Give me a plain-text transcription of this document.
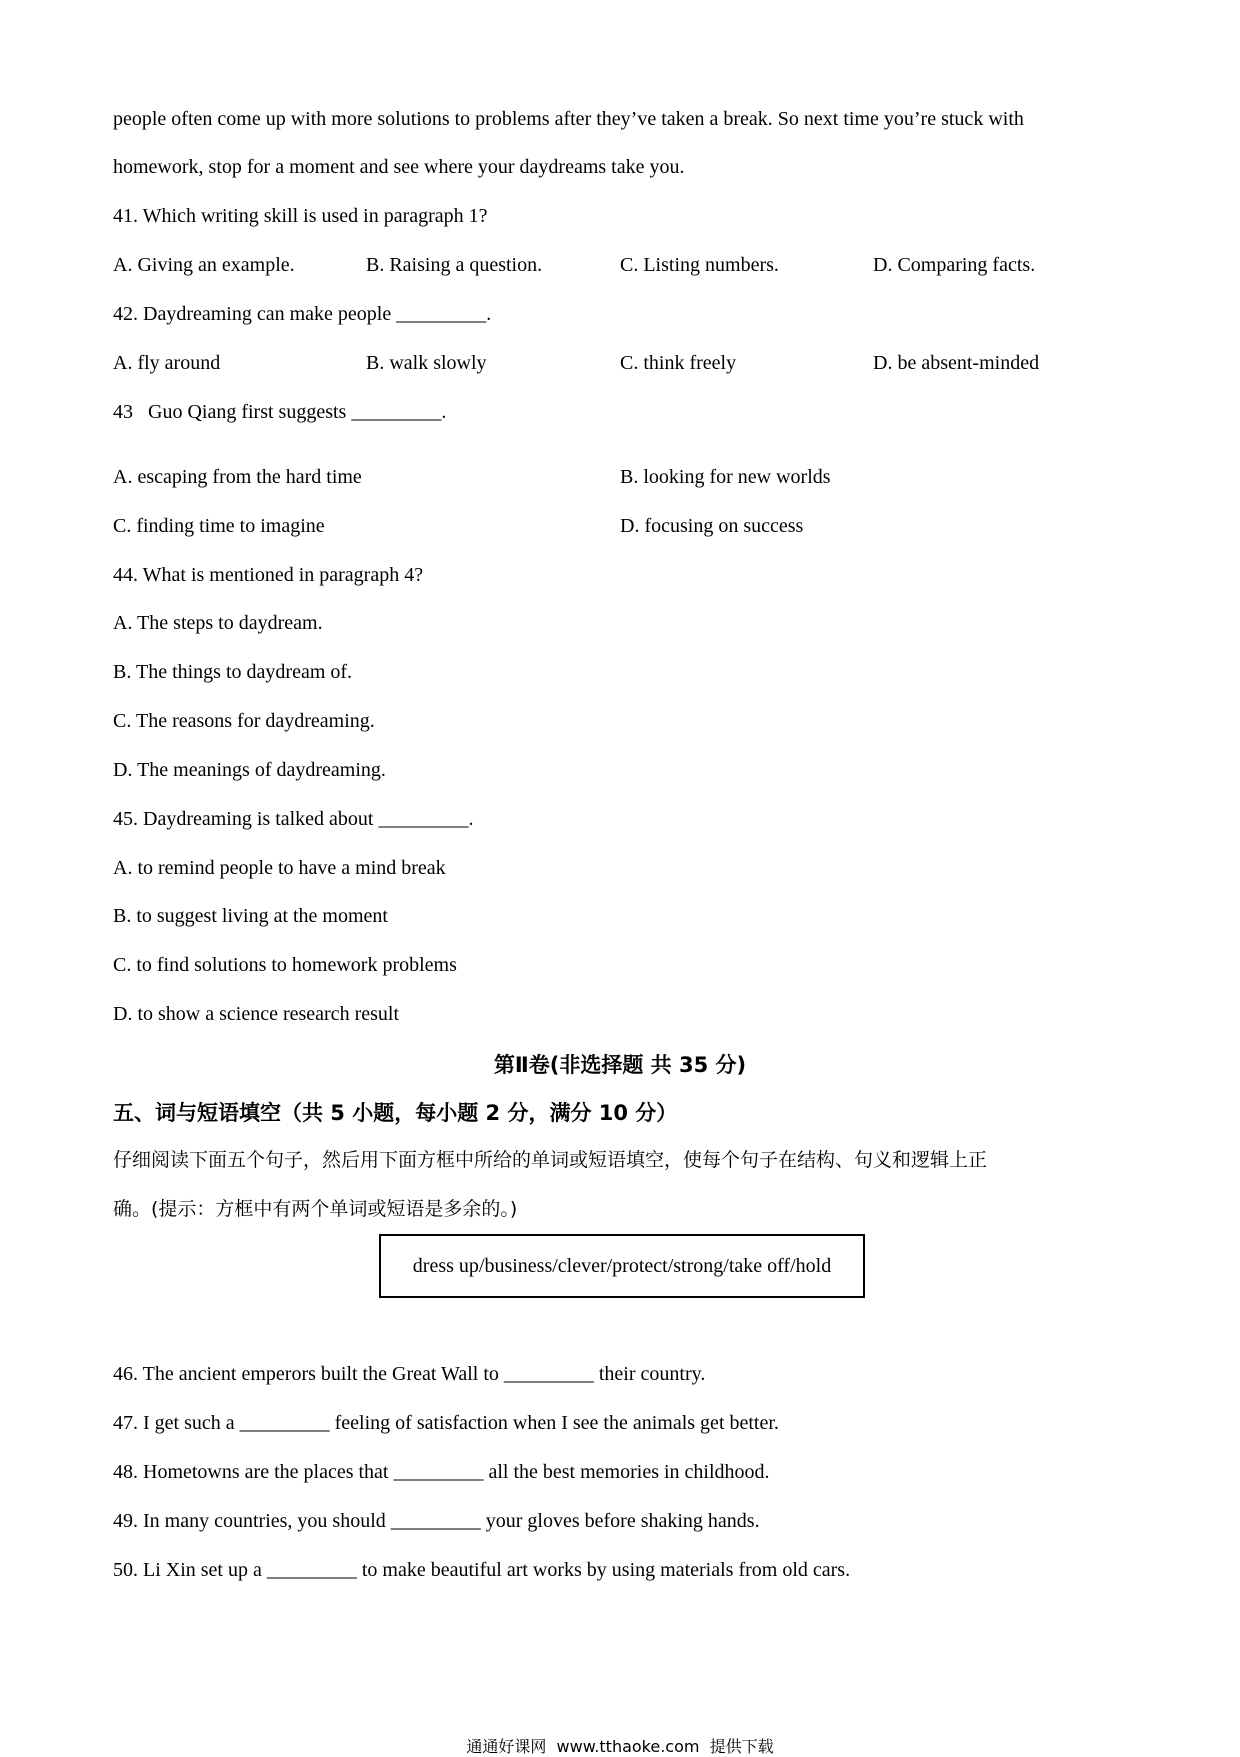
people often come up with more solutions to problems after they’ve taken a break. So next time you’re stuck with
homework, stop for a moment and see where your daydreams take you.
41. Which writing skill is used in paragraph 1?
A. Giving an example.	B. Raising a question.	C. Listing numbers.	D. Comparing facts.
42. Daydreaming can make people _________.
A. fly around	B. walk slowly	C. think freely	D. be absent-minded
43   Guo Qiang first suggests _________.
A. escaping from the hard time	B. looking for new worlds
C. finding time to imagine	D. focusing on success
44. What is mentioned in paragraph 4?
A. The steps to daydream.
B. The things to daydream of.
C. The reasons for daydreaming.
D. The meanings of daydreaming.
45. Daydreaming is talked about _________.
A. to remind people to have a mind break
B. to suggest living at the moment
C. to find solutions to homework problems
D. to show a science research result
第Ⅱ卷(非选择题 共 35 分)
五、词与短语填空（共 5 小题，每小题 2 分，满分 10 分）
仔细阅读下面五个句子，然后用下面方框中所给的单词或短语填空，使每个句子在结构、句义和逻辑上正
确。(提示：方框中有两个单词或短语是多余的。)
dress up/business/clever/protect/strong/take off/hold
46. The ancient emperors built the Great Wall to _________ their country.
47. I get such a _________ feeling of satisfaction when I see the animals get better.
48. Hometowns are the places that _________ all the best memories in childhood.
49. In many countries, you should _________ your gloves before shaking hands.
50. Li Xin set up a _________ to make beautiful art works by using materials from old cars.
通通好课网  www.tthaoke.com  提供下载
